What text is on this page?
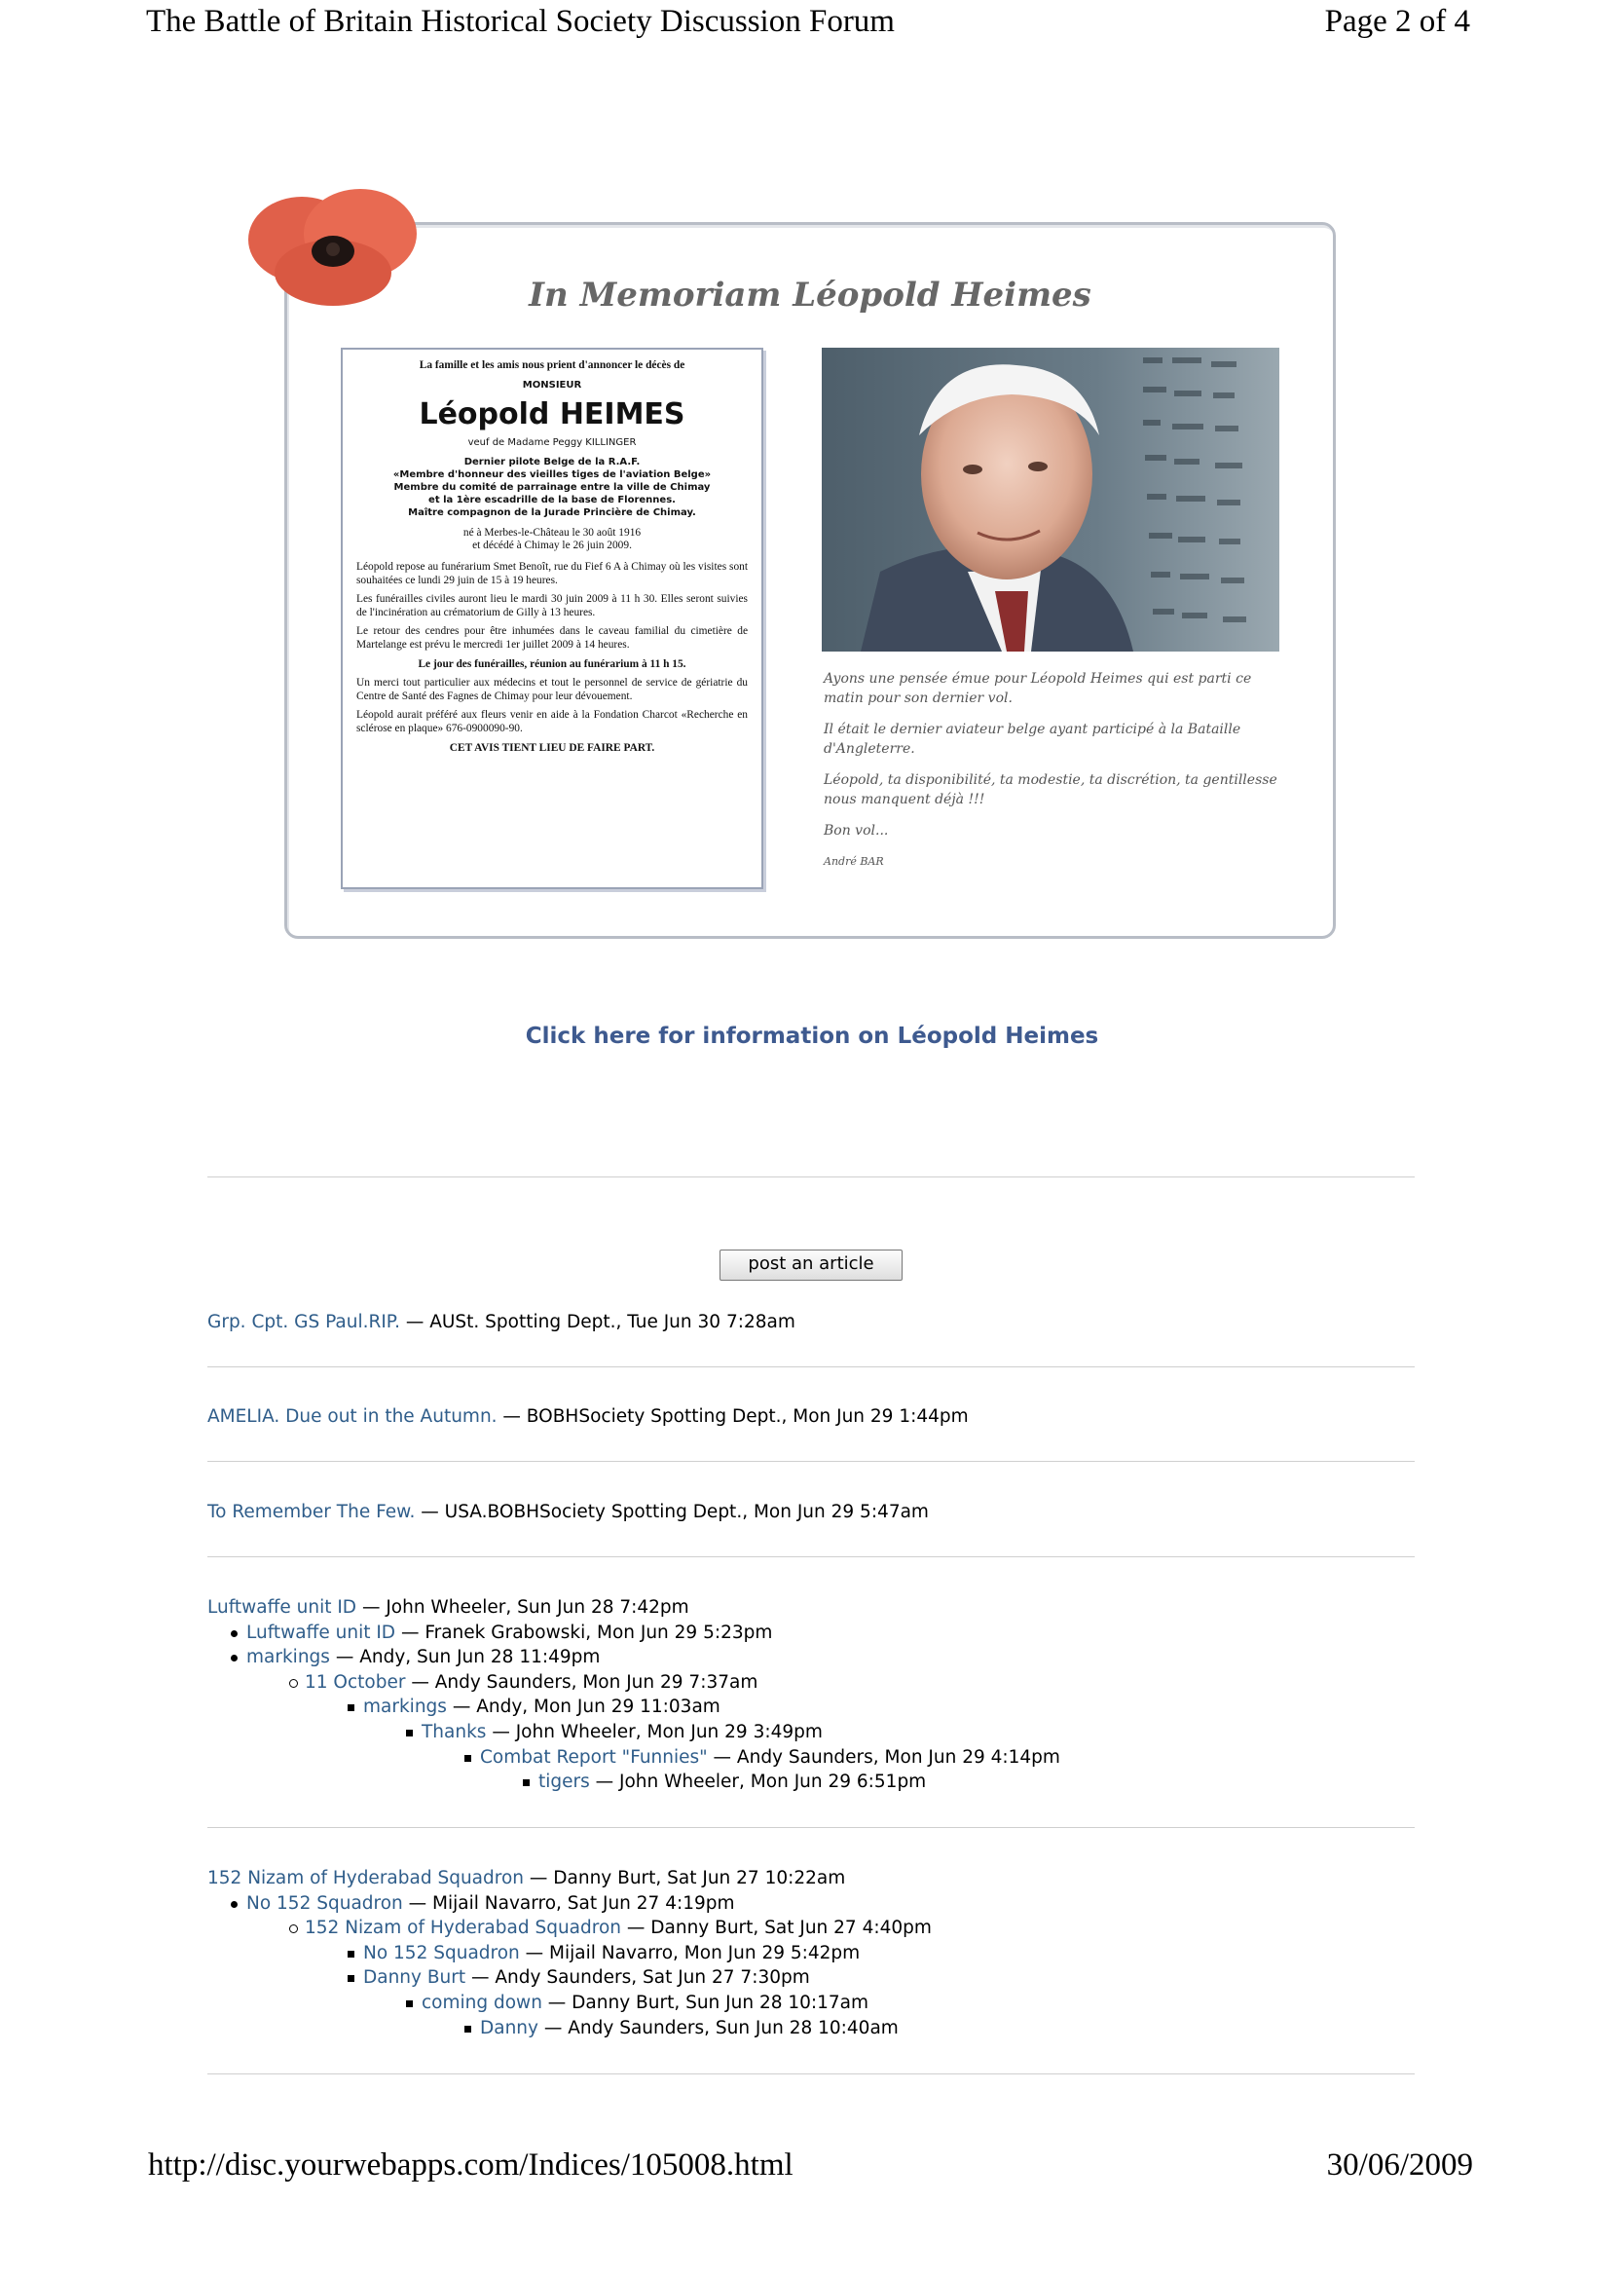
The Battle of Britain Historical Society Discussion Forum	Page 2 of 4
http://disc.yourwebapps.com/Indices/105008.html	30/06/2009
In Memoriam Léopold Heimes

La famille et les amis nous prient d'annoncer le décès de

MONSIEUR

Léopold HEIMES

veuf de Madame Peggy KILLINGER

Dernier pilote Belge de la R.A.F.
«Membre d'honneur des vieilles tiges de l'aviation Belge»
Membre du comité de parrainage entre la ville de Chimay
et la 1ère escadrille de la base de Florennes.
Maître compagnon de la Jurade Princière de Chimay.
né à Merbes-le-Château le 30 août 1916
et décédé à Chimay le 26 juin 2009.

Léopold repose au funérarium Smet Benoît, rue du Fief 6 A à Chimay où les visites sont souhaitées ce lundi 29 juin de 15 à 19 heures.

Les funérailles civiles auront lieu le mardi 30 juin 2009 à 11 h 30. Elles seront suivies de l'incinération au crématorium de Gilly à 13 heures.

Le retour des cendres pour être inhumées dans le caveau familial du cimetière de Martelange est prévu le mercredi 1er juillet 2009 à 14 heures.

Le jour des funérailles, réunion au funérarium à 11 h 15.

Un merci tout particulier aux médecins et tout le personnel de service de gériatrie du Centre de Santé des Fagnes de Chimay pour leur dévouement.

Léopold aurait préféré aux fleurs venir en aide à la Fondation Charcot «Recherche en sclérose en plaque» 676-0900090-90.

CET AVIS TIENT LIEU DE FAIRE PART.

Ayons une pensée émue pour Léopold Heimes qui est parti ce matin pour son dernier vol.

Il était le dernier aviateur belge ayant participé à la Bataille d'Angleterre.

Léopold, ta disponibilité, ta modestie, ta discrétion, ta gentillesse nous manquent déjà !!!

Bon vol...

André BAR

Click here for information on Léopold Heimes
post an article
Grp. Cpt. GS Paul.RIP. — AUSt. Spotting Dept., Tue Jun 30 7:28am
AMELIA. Due out in the Autumn. — BOBHSociety Spotting Dept., Mon Jun 29 1:44pm
To Remember The Few. — USA.BOBHSociety Spotting Dept., Mon Jun 29 5:47am
Luftwaffe unit ID — John Wheeler, Sun Jun 28 7:42pm
Luftwaffe unit ID — Franek Grabowski, Mon Jun 29 5:23pm
markings — Andy, Sun Jun 28 11:49pm
11 October — Andy Saunders, Mon Jun 29 7:37am
markings — Andy, Mon Jun 29 11:03am
Thanks — John Wheeler, Mon Jun 29 3:49pm
Combat Report "Funnies" — Andy Saunders, Mon Jun 29 4:14pm
tigers — John Wheeler, Mon Jun 29 6:51pm
152 Nizam of Hyderabad Squadron — Danny Burt, Sat Jun 27 10:22am
No 152 Squadron — Mijail Navarro, Sat Jun 27 4:19pm
152 Nizam of Hyderabad Squadron — Danny Burt, Sat Jun 27 4:40pm
No 152 Squadron — Mijail Navarro, Mon Jun 29 5:42pm
Danny Burt — Andy Saunders, Sat Jun 27 7:30pm
coming down — Danny Burt, Sun Jun 28 10:17am
Danny — Andy Saunders, Sun Jun 28 10:40am
